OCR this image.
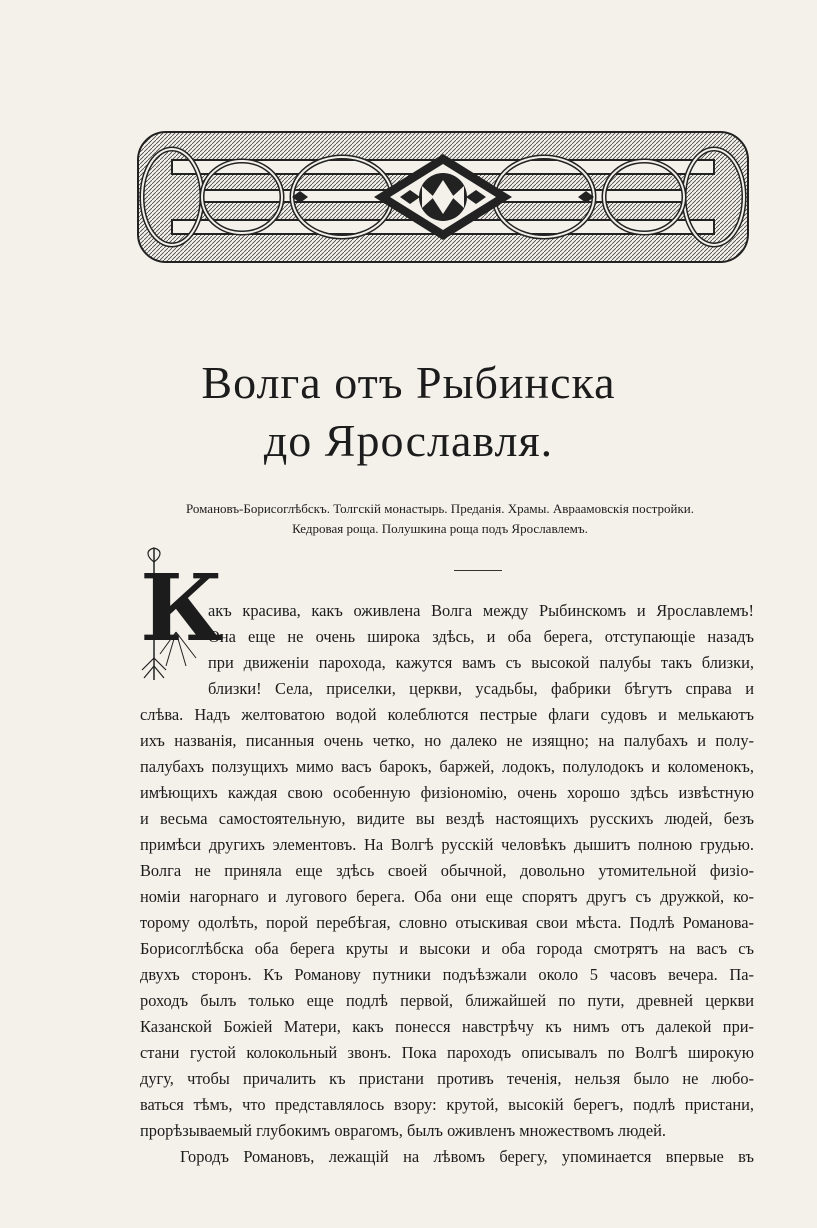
Волга отъ Рыбинска
до Ярославля.
Романовъ-Борисоглѣбскъ. Толгскій монастырь. Преданія. Храмы. Авраамовскія постройки.
Кедровая роща. Полушкина роща подъ Ярославлемъ.
К
акъ красива, какъ оживлена Волга между Рыбинскомъ и Ярославлемъ!
Она еще не очень широка здѣсь, и оба берега, отступающіе назадъ
при движеніи парохода, кажутся вамъ съ высокой палубы такъ близки,
близки! Села, приселки, церкви, усадьбы, фабрики бѣгутъ справа и
слѣва. Надъ желтоватою водой колеблются пестрые флаги судовъ и мелькаютъ
ихъ названія, писанныя очень четко, но далеко не изящно; на палубахъ и полу-
палубахъ ползущихъ мимо васъ барокъ, баржей, лодокъ, полулодокъ и коломенокъ,
имѣющихъ каждая свою особенную физіономію, очень хорошо здѣсь извѣстную
и весьма самостоятельную, видите вы вездѣ настоящихъ русскихъ людей, безъ
примѣси другихъ элементовъ. На Волгѣ русскій человѣкъ дышитъ полною грудью.
Волга не приняла еще здѣсь своей обычной, довольно утомительной физіо-
номіи нагорнаго и лугового берега. Оба они еще спорятъ другъ съ дружкой, ко-
торому одолѣть, порой перебѣгая, словно отыскивая свои мѣста. Подлѣ Романова-
Борисоглѣбска оба берега круты и высоки и оба города смотрятъ на васъ съ
двухъ сторонъ. Къ Романову путники подъѣзжали около 5 часовъ вечера. Па-
роходъ былъ только еще подлѣ первой, ближайшей по пути, древней церкви
Казанской Божіей Матери, какъ понесся навстрѣчу къ нимъ отъ далекой при-
стани густой колокольный звонъ. Пока пароходъ описывалъ по Волгѣ широкую
дугу, чтобы причалить къ пристани противъ теченія, нельзя было не любо-
ваться тѣмъ, что представлялось взору: крутой, высокій берегъ, подлѣ пристани,
прорѣзываемый глубокимъ оврагомъ, былъ оживленъ множествомъ людей.
Городъ Романовъ, лежащій на лѣвомъ берегу, упоминается впервые въ
